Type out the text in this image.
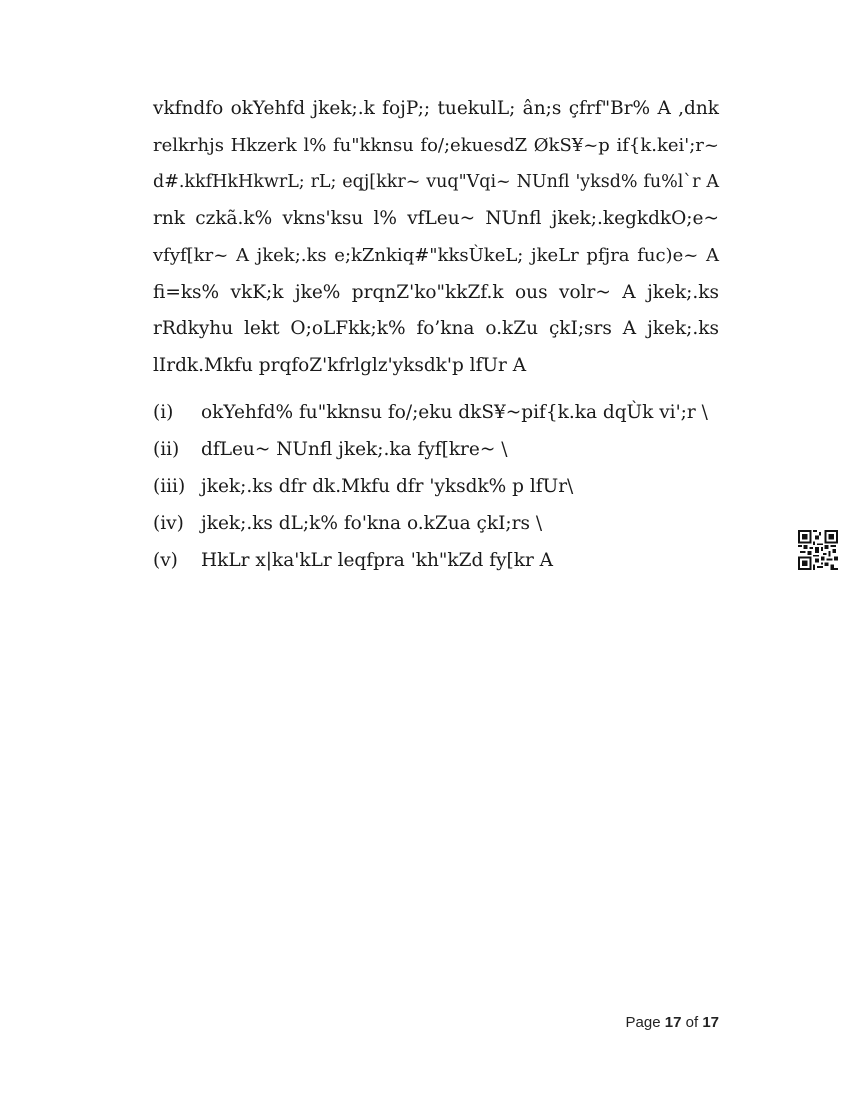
vkfndfo okYehfd jkek;.k fojP;; tuekulL; ân;s çfrf"Br% A ,dnk
relkrhjs Hkzerk l% fu"kknsu fo/;ekuesdZ ØkS¥~p if{k.kei';r~
d#.kkfHkHkwrL; rL; eqj[kkr~ vuq"Vqi~ NUnfl 'yksd% fu%l`r A
rnk czkã.k% vkns'ksu l% vfLeu~ NUnfl jkek;.kegkdkO;e~
vfyf[kr~ A jkek;.ks e;kZnkiq#"kksÙkeL; jkeLr pfjra fuc)e~ A
fi=ks% vkK;k jke% prqnZ'ko"kkZf.k ous volr~ A jkek;.ks
rRdkyhu lekt O;oLFkk;k% fo’kna o.kZu çkI;srs A jkek;.ks
lIrdk.Mkfu prqfoZ'kfrlglz'yksdk'p lfUr A
(i) okYehfd% fu"kknsu fo/;eku dkS¥~pif{k.ka dqÙk vi';r \
(ii) dfLeu~ NUnfl jkek;.ka fyf[kre~ \
(iii) jkek;.ks dfr dk.Mkfu dfr 'yksdk% p lfUr\
(iv) jkek;.ks dL;k% fo'kna o.kZua çkI;rs \
(v) HkLr x|ka'kLr leqfpra 'kh"kZd fy[kr A
Page 17 of 17
